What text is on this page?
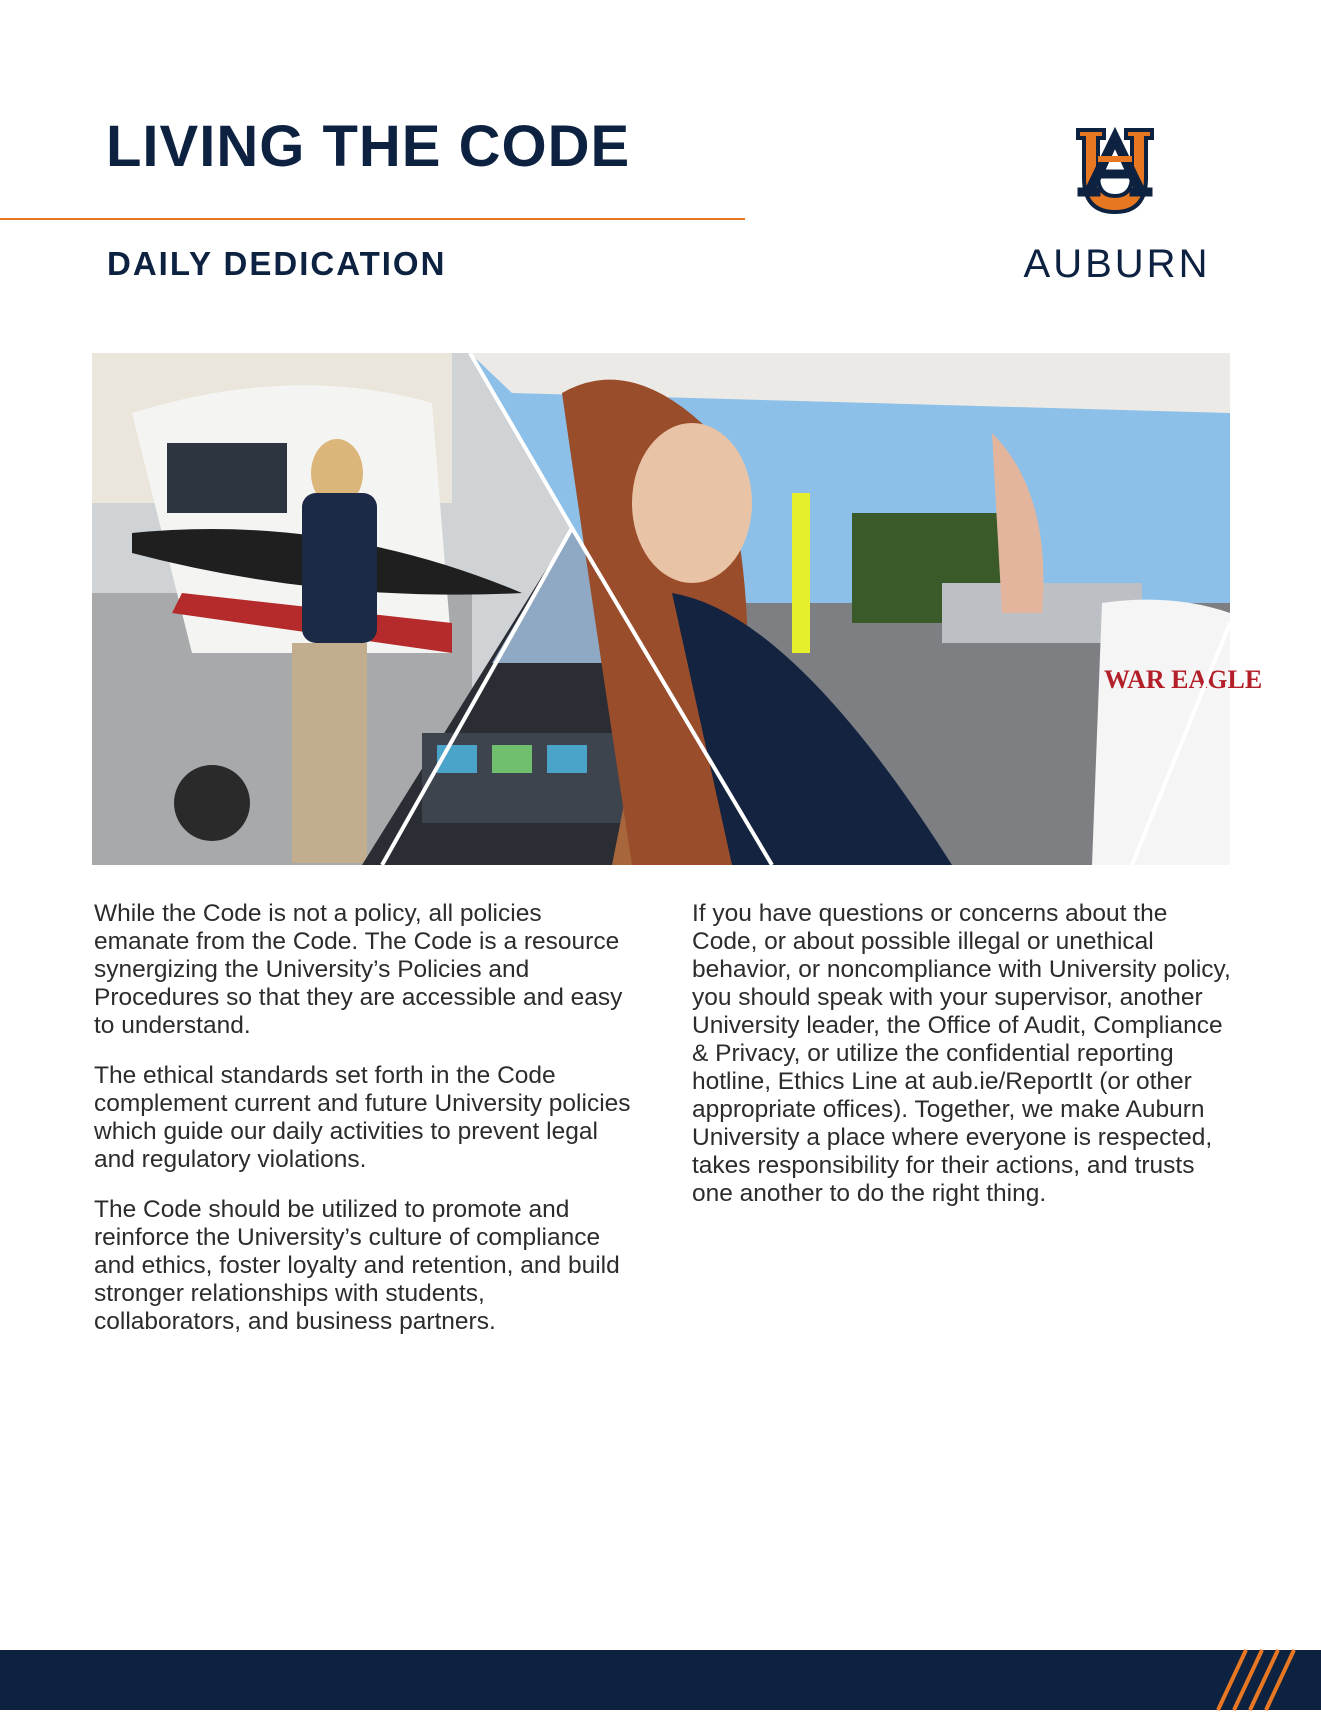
LIVING THE CODE
DAILY DEDICATION	AUBURN
WAR EAGLE

While the Code is not a policy, all policies emanate from the Code. The Code is a resource synergizing the University’s Policies and Procedures so that they are accessible and easy to understand.

The ethical standards set forth in the Code complement current and future University policies which guide our daily activities to prevent legal and regulatory violations.

The Code should be utilized to promote and reinforce the University’s culture of compliance and ethics, foster loyalty and retention, and build stronger relationships with students, collaborators, and business partners.

If you have questions or concerns about the Code, or about possible illegal or unethical behavior, or noncompliance with University policy, you should speak with your supervisor, another University leader, the Office of Audit, Compliance & Privacy, or utilize the confidential reporting hotline, Ethics Line at aub.ie/ReportIt (or other appropriate offices). Together, we make Auburn University a place where everyone is respected, takes responsibility for their actions, and trusts one another to do the right thing.
